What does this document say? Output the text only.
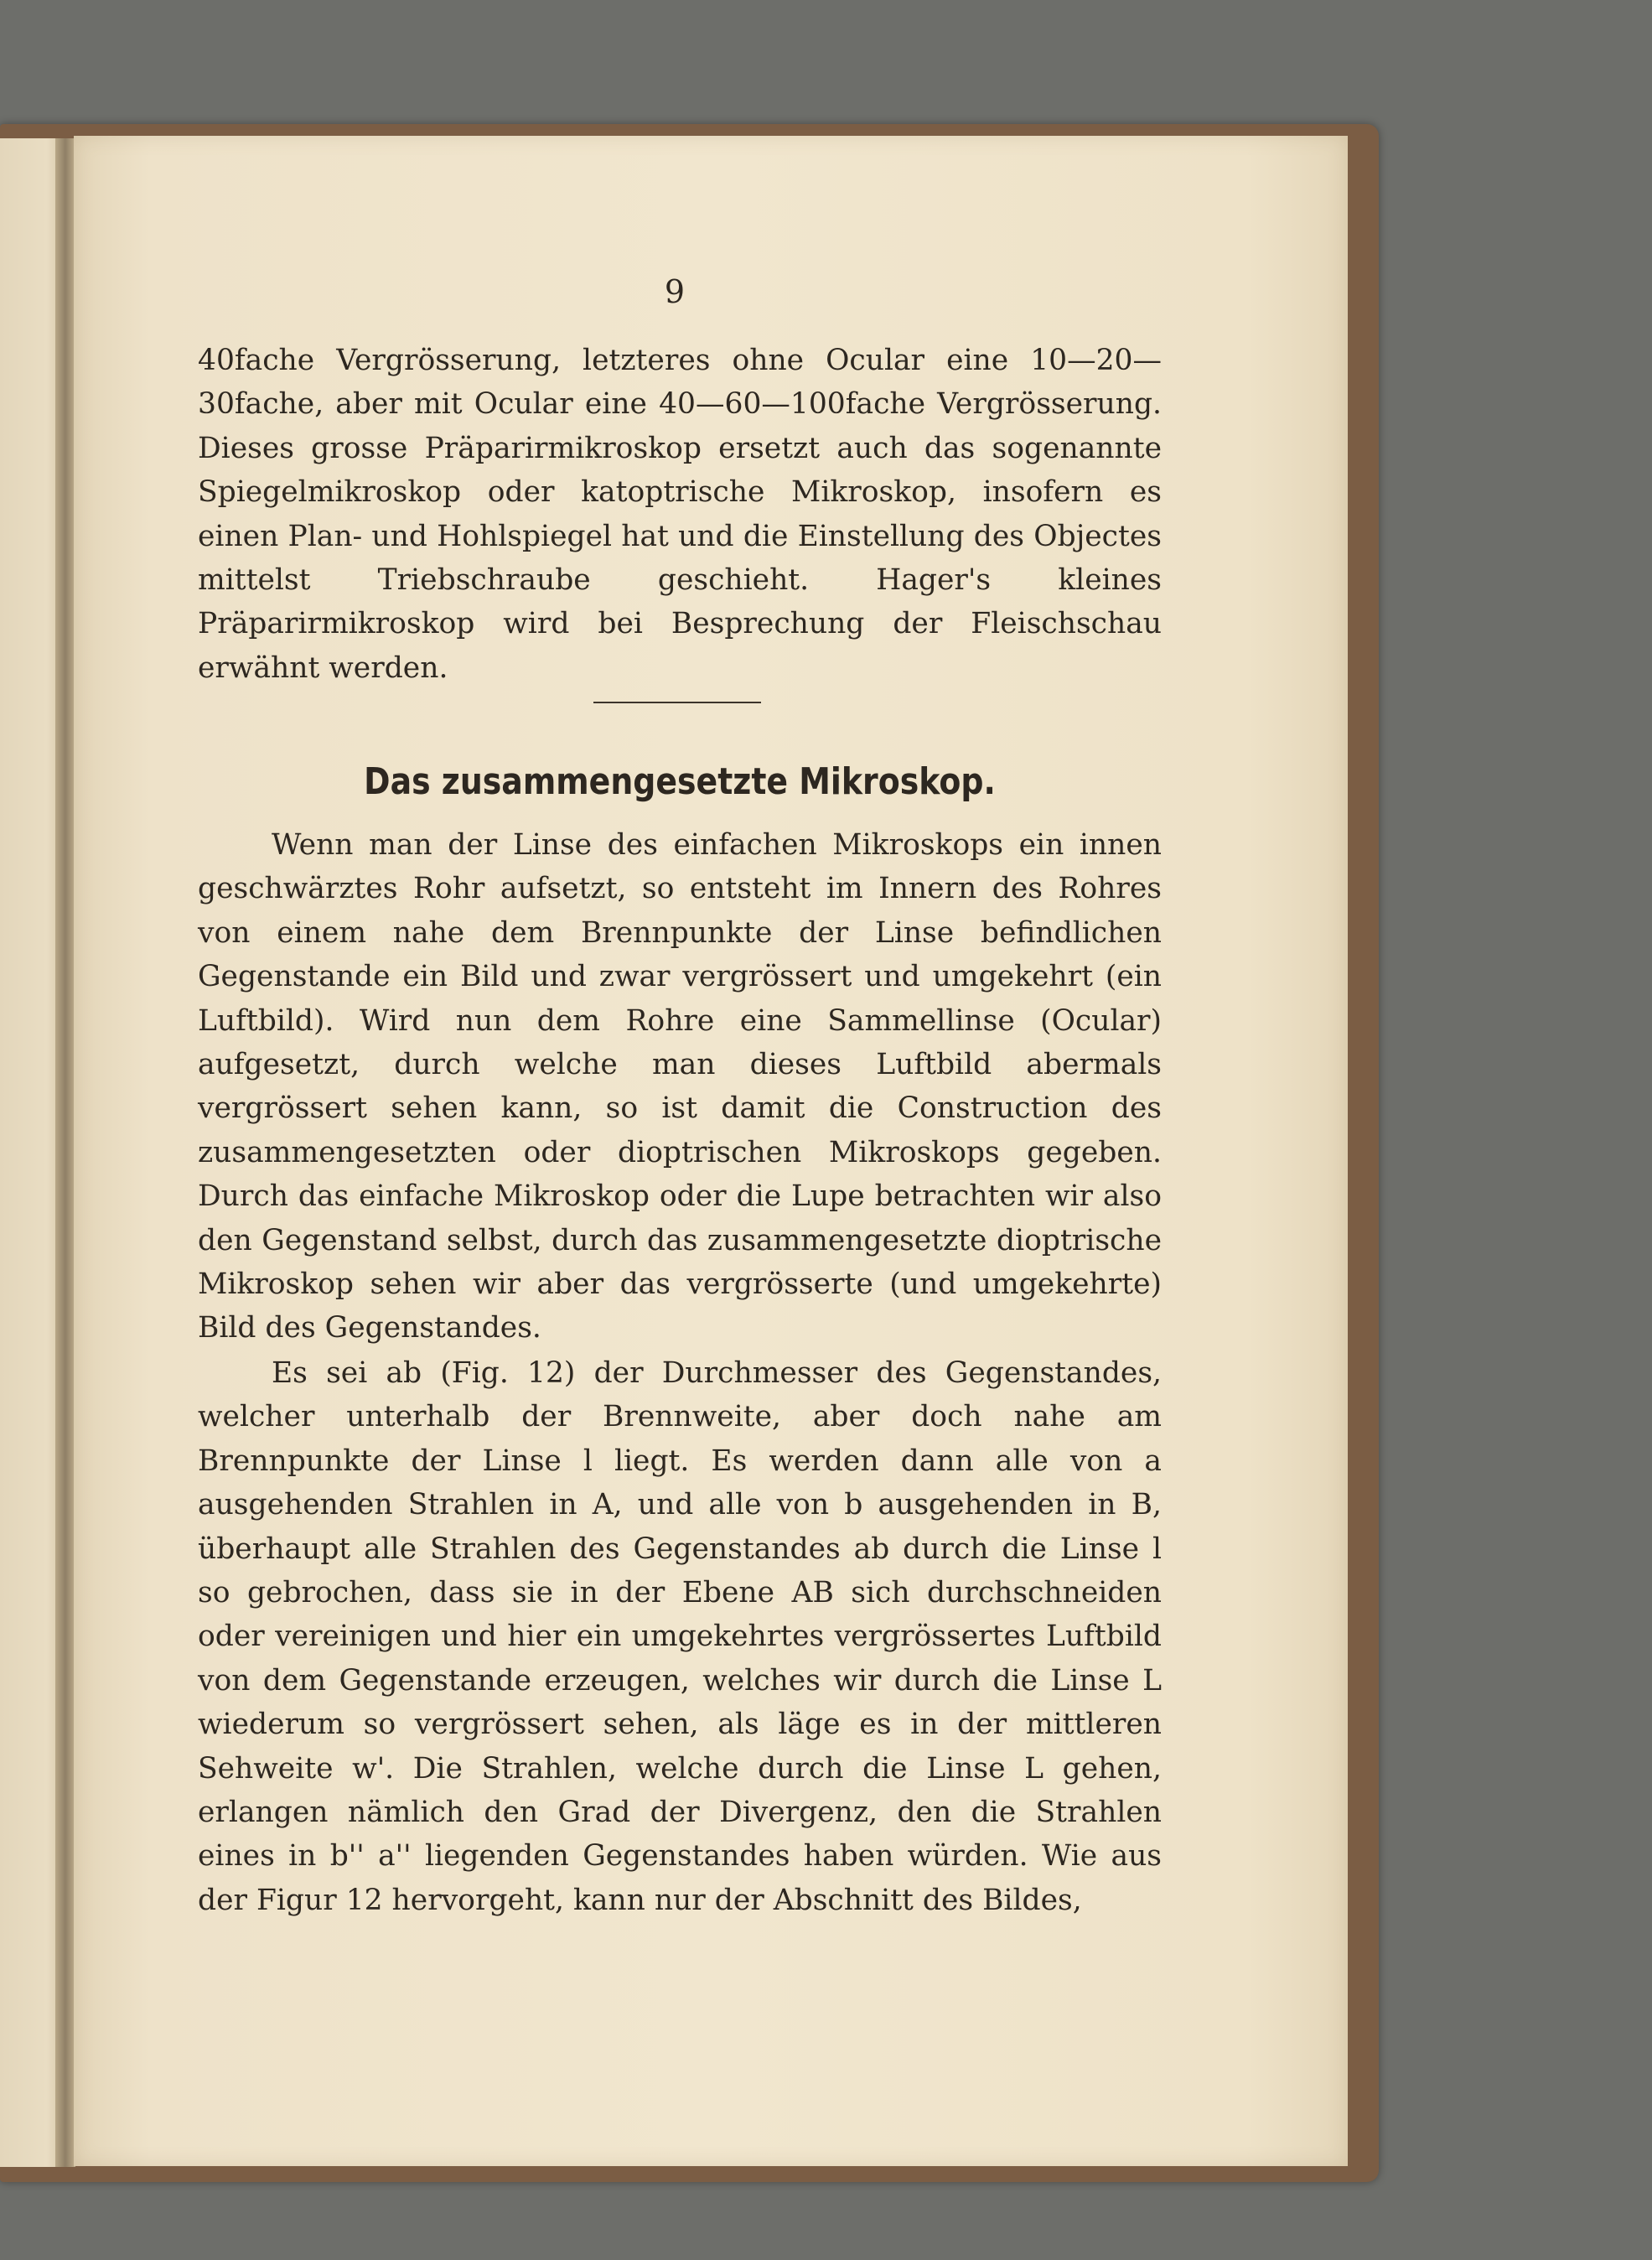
9
40fache Vergrösserung, letzteres ohne Ocular eine 10—20—30fache, aber mit Ocular eine 40—60—100fache Vergrösserung. Dieses grosse Präparirmikroskop ersetzt auch das sogenannte Spiegelmikroskop oder katoptrische Mikroskop, insofern es einen Plan- und Hohlspiegel hat und die Einstellung des Objectes mittelst Triebschraube geschieht. Hager's kleines Präparirmikroskop wird bei Besprechung der Fleischschau erwähnt werden.
Das zusammengesetzte Mikroskop.
Wenn man der Linse des einfachen Mikroskops ein innen geschwärztes Rohr aufsetzt, so entsteht im Innern des Rohres von einem nahe dem Brennpunkte der Linse befindlichen Gegenstande ein Bild und zwar vergrössert und umgekehrt (ein Luftbild). Wird nun dem Rohre eine Sammellinse (Ocular) aufgesetzt, durch welche man dieses Luftbild abermals vergrössert sehen kann, so ist damit die Construction des zusammengesetzten oder dioptrischen Mikroskops gegeben. Durch das einfache Mikroskop oder die Lupe betrachten wir also den Gegenstand selbst, durch das zusammengesetzte dioptrische Mikroskop sehen wir aber das vergrösserte (und umgekehrte) Bild des Gegenstandes.
Es sei ab (Fig. 12) der Durchmesser des Gegenstandes, welcher unterhalb der Brennweite, aber doch nahe am Brennpunkte der Linse l liegt. Es werden dann alle von a ausgehenden Strahlen in A, und alle von b ausgehenden in B, überhaupt alle Strahlen des Gegenstandes ab durch die Linse l so gebrochen, dass sie in der Ebene AB sich durchschneiden oder vereinigen und hier ein umgekehrtes vergrössertes Luftbild von dem Gegenstande erzeugen, welches wir durch die Linse L wiederum so vergrössert sehen, als läge es in der mittleren Sehweite w'. Die Strahlen, welche durch die Linse L gehen, erlangen nämlich den Grad der Divergenz, den die Strahlen eines in b'' a'' liegenden Gegenstandes haben würden. Wie aus der Figur 12 hervorgeht, kann nur der Abschnitt des Bildes,
